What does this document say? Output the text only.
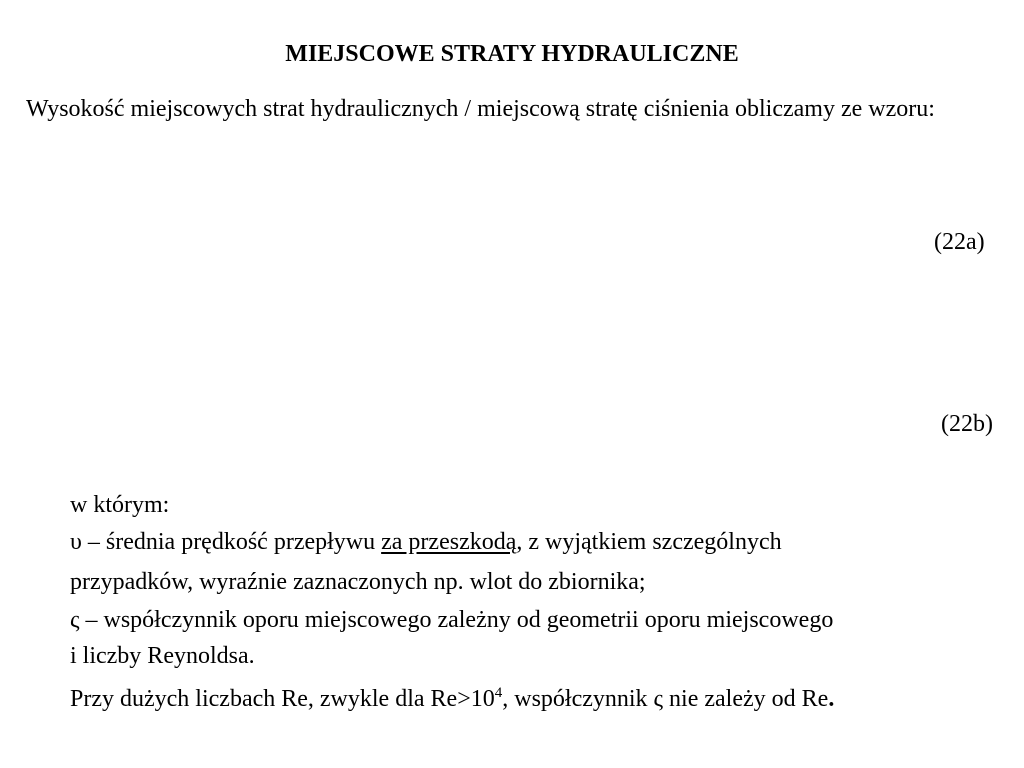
MIEJSCOWE STRATY HYDRAULICZNE
Wysokość miejscowych strat hydraulicznych / miejscową stratę ciśnienia obliczamy ze wzoru:
(22a)
(22b)
w którym:
υ – średnia prędkość przepływu za przeszkodą, z wyjątkiem szczególnych
przypadków, wyraźnie zaznaczonych np. wlot do zbiornika;
ς – współczynnik oporu miejscowego zależny od geometrii oporu miejscowego
i liczby Reynoldsa.
Przy dużych liczbach Re, zwykle dla $Re>10^4$, współczynnik ς nie zależy od Re.
